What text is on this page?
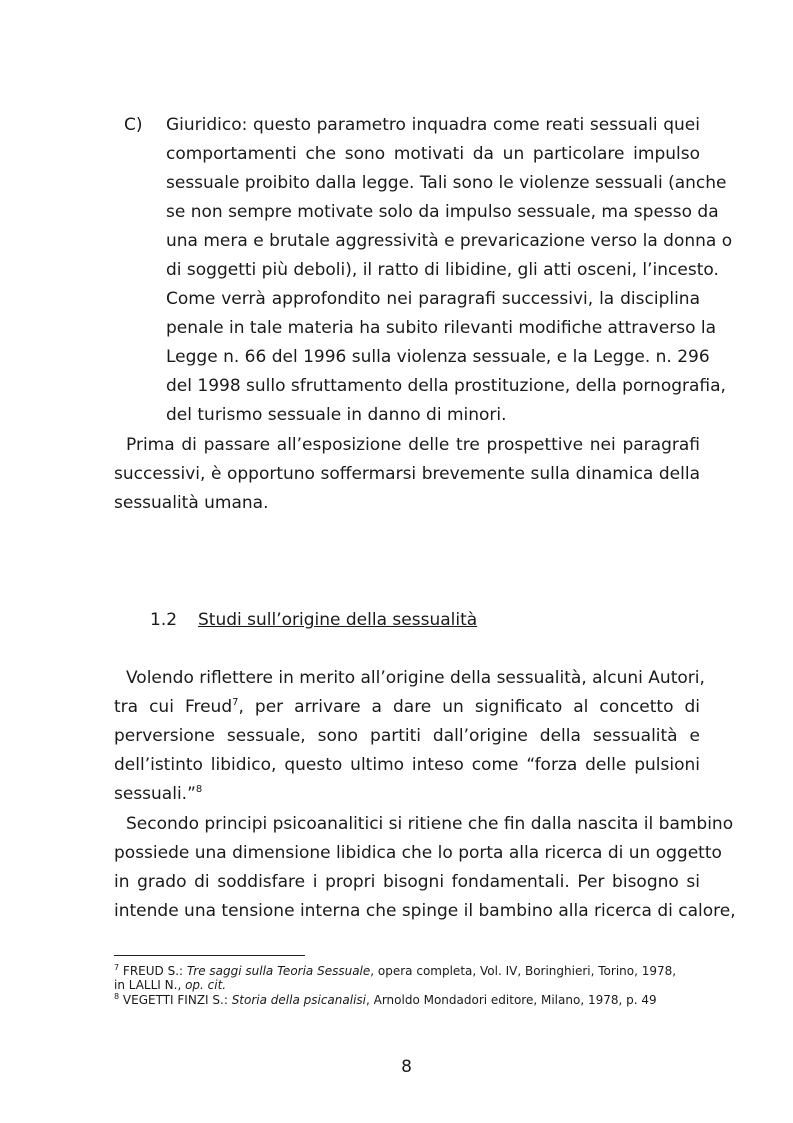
C) Giuridico: questo parametro inquadra come reati sessuali quei
comportamenti che sono motivati da un particolare impulso
sessuale proibito dalla legge. Tali sono le violenze sessuali (anche
se non sempre motivate solo da impulso sessuale, ma spesso da
una mera e brutale aggressività e prevaricazione verso la donna o
di soggetti più deboli), il ratto di libidine, gli atti osceni, l’incesto.
Come verrà approfondito nei paragrafi successivi, la disciplina
penale in tale materia ha subito rilevanti modifiche attraverso la
Legge n. 66 del 1996 sulla violenza sessuale, e la Legge. n. 296
del 1998 sullo sfruttamento della prostituzione, della pornografia,
del turismo sessuale in danno di minori.
Prima di passare all’esposizione delle tre prospettive nei paragrafi
successivi, è opportuno soffermarsi brevemente sulla dinamica della
sessualità umana.
1.2 Studi sull’origine della sessualità
Volendo riflettere in merito all’origine della sessualità, alcuni Autori,
tra cui Freud$^7$, per arrivare a dare un significato al concetto di
perversione sessuale, sono partiti dall’origine della sessualità e
dell’istinto libidico, questo ultimo inteso come “forza delle pulsioni
sessuali.”$^8$
Secondo principi psicoanalitici si ritiene che fin dalla nascita il bambino
possiede una dimensione libidica che lo porta alla ricerca di un oggetto
in grado di soddisfare i propri bisogni fondamentali. Per bisogno si
intende una tensione interna che spinge il bambino alla ricerca di calore,
$^7$ FREUD S.: Tre saggi sulla Teoria Sessuale, opera completa, Vol. IV, Boringhieri, Torino, 1978,
in LALLI N., op. cit.
$^8$ VEGETTI FINZI S.: Storia della psicanalisi, Arnoldo Mondadori editore, Milano, 1978, p. 49
8
